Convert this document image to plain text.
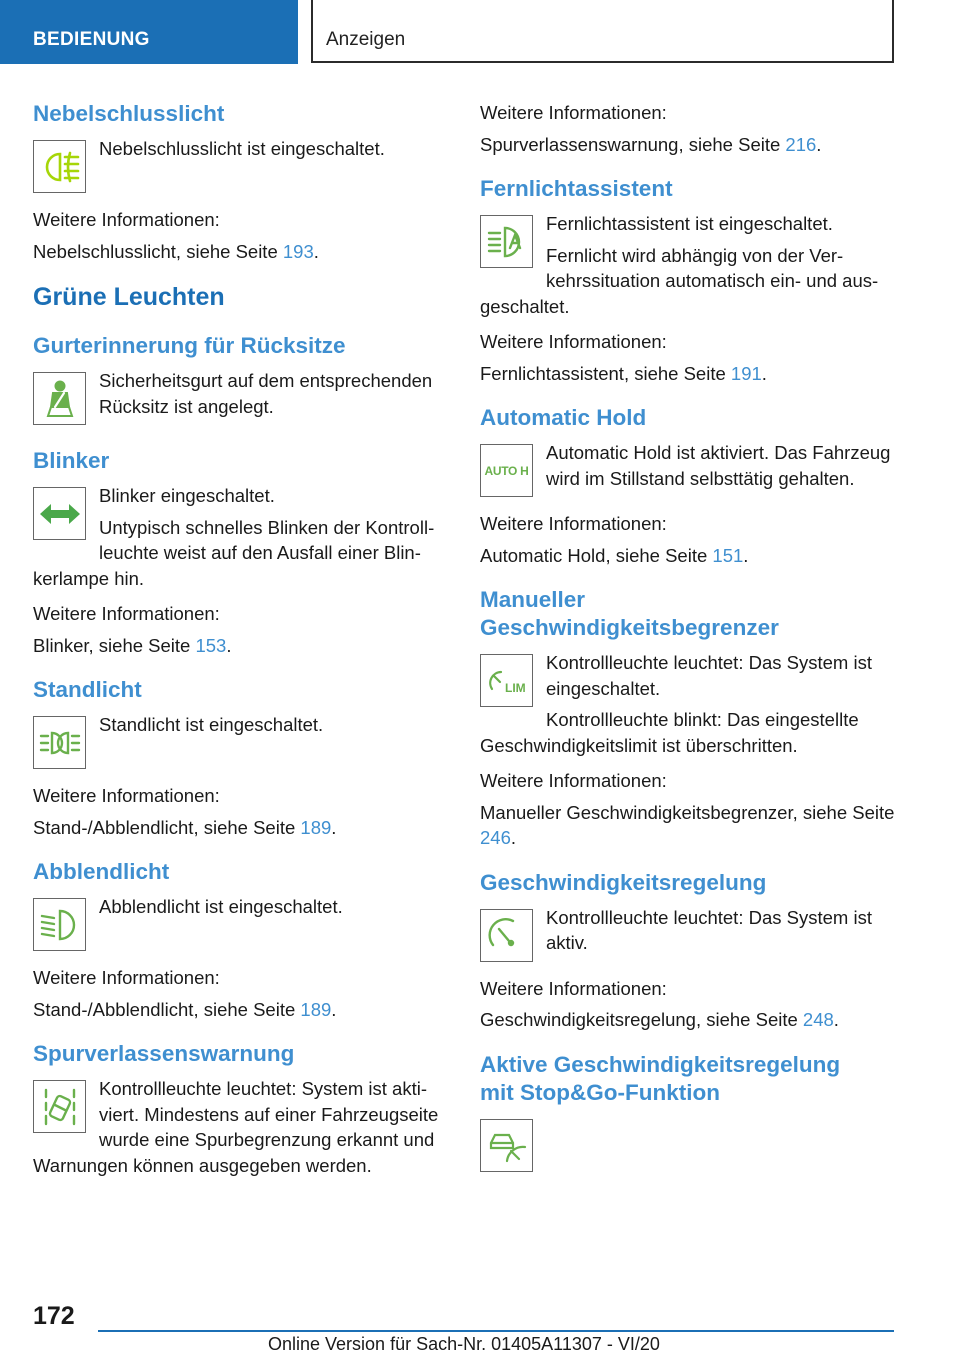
BEDIENUNG	Anzeigen
Nebelschlusslicht

Nebelschlusslicht ist eingeschaltet.

Weitere Informationen:

Nebelschlusslicht, siehe Seite 193.

Grüne Leuchten
Gurterinnerung für Rücksitze

Sicherheitsgurt auf dem entsprechenden Rücksitz ist angelegt.

Blinker

Blinker eingeschaltet.

Untypisch schnelles Blinken der Kontrollleuchte weist auf den Ausfall einer Blinkerlampe hin.

Weitere Informationen:

Blinker, siehe Seite 153.

Standlicht

Standlicht ist eingeschaltet.

Weitere Informationen:

Stand-/Abblendlicht, siehe Seite 189.

Abblendlicht

Abblendlicht ist eingeschaltet.

Weitere Informationen:

Stand-/Abblendlicht, siehe Seite 189.

Spurverlassenswarnung

Kontrollleuchte leuchtet: System ist aktiviert. Mindestens auf einer Fahrzeugseite wurde eine Spurbegrenzung erkannt und Warnungen können ausgegeben werden.

Weitere Informationen:

Spurverlassenswarnung, siehe Seite 216.

Fernlichtassistent

Fernlichtassistent ist eingeschaltet.

Fernlicht wird abhängig von der Verkehrssituation automatisch ein- und ausgeschaltet.

Weitere Informationen:

Fernlichtassistent, siehe Seite 191.

Automatic Hold
AUTO H

Automatic Hold ist aktiviert. Das Fahrzeug wird im Stillstand selbsttätig gehalten.

Weitere Informationen:

Automatic Hold, siehe Seite 151.

Manueller Geschwindigkeitsbegrenzer
LIM

Kontrollleuchte leuchtet: Das System ist eingeschaltet.

Kontrollleuchte blinkt: Das eingestellte Geschwindigkeitslimit ist überschritten.

Weitere Informationen:

Manueller Geschwindigkeitsbegrenzer, siehe Seite 246.

Geschwindigkeitsregelung

Kontrollleuchte leuchtet: Das System ist aktiv.

Weitere Informationen:

Geschwindigkeitsregelung, siehe Seite 248.

Aktive Geschwindigkeitsregelung mit Stop&Go-Funktion
172
Online Version für Sach-Nr. 01405A11307 - VI/20
